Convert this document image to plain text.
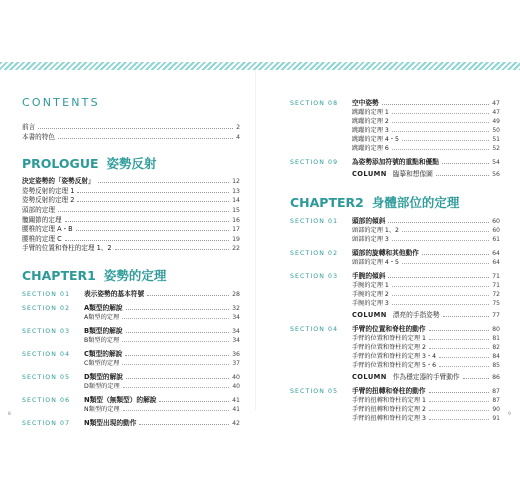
CONTENTS
前言	2
本書的特色	4
PROLOGUE 姿勢反射
決定姿勢的「姿勢反射」	12
姿勢反射的定理 1	13
姿勢反射的定理 2	14
頭部的定理	15
髖關節的定理	16
腰椎的定理 A・B	17
腰椎的定理 C	19
手臂的位置和脊柱的定理 1、2	22
CHAPTER1 姿勢的定理
SECTION 01	表示姿勢的基本符號	28
SECTION 02	A類型的解說	32
A類型的定理	34
SECTION 03	B類型的解說	34
B類型的定理	34
SECTION 04	C類型的解說	36
C類型的定理	37
SECTION 05	D類型的解說	40
D類型的定理	40
SECTION 06	N類型（無類型）的解說	41
N類型的定理	41
SECTION 07	N類型出現的動作	42
SECTION 08	空中姿勢	47
跳躍的定理 1	47
跳躍的定理 2	49
跳躍的定理 3	50
跳躍的定理 4・5	51
跳躍的定理 6	52
SECTION 09	為姿勢添加符號的重點和優點	54
COLUMN 臨摹和想像圖	56
CHAPTER2 身體部位的定理
SECTION 01	頭部的傾斜	60
頭部的定理 1、2	60
頭部的定理 3	61
SECTION 02	頭部的旋轉和其他動作	64
頭部的定理 4・5	64
SECTION 03	手腕的傾斜	71
手腕的定理 1	71
手腕的定理 2	72
手腕的定理 3	75
COLUMN 漂亮的手指姿勢	77
SECTION 04	手臂的位置和脊柱的動作	80
手臂的位置和脊柱的定理 1	81
手臂的位置和脊柱的定理 2	82
手臂的位置和脊柱的定理 3・4	84
手臂的位置和脊柱的定理 5・6	85
COLUMN 作為穩定器的手臂動作	86
SECTION 05	手臂的扭轉和脊柱的動作	87
手臂的扭轉和脊柱的定理 1	87
手臂的扭轉和脊柱的定理 2	90
手臂的扭轉和脊柱的定理 3	91
8	9
